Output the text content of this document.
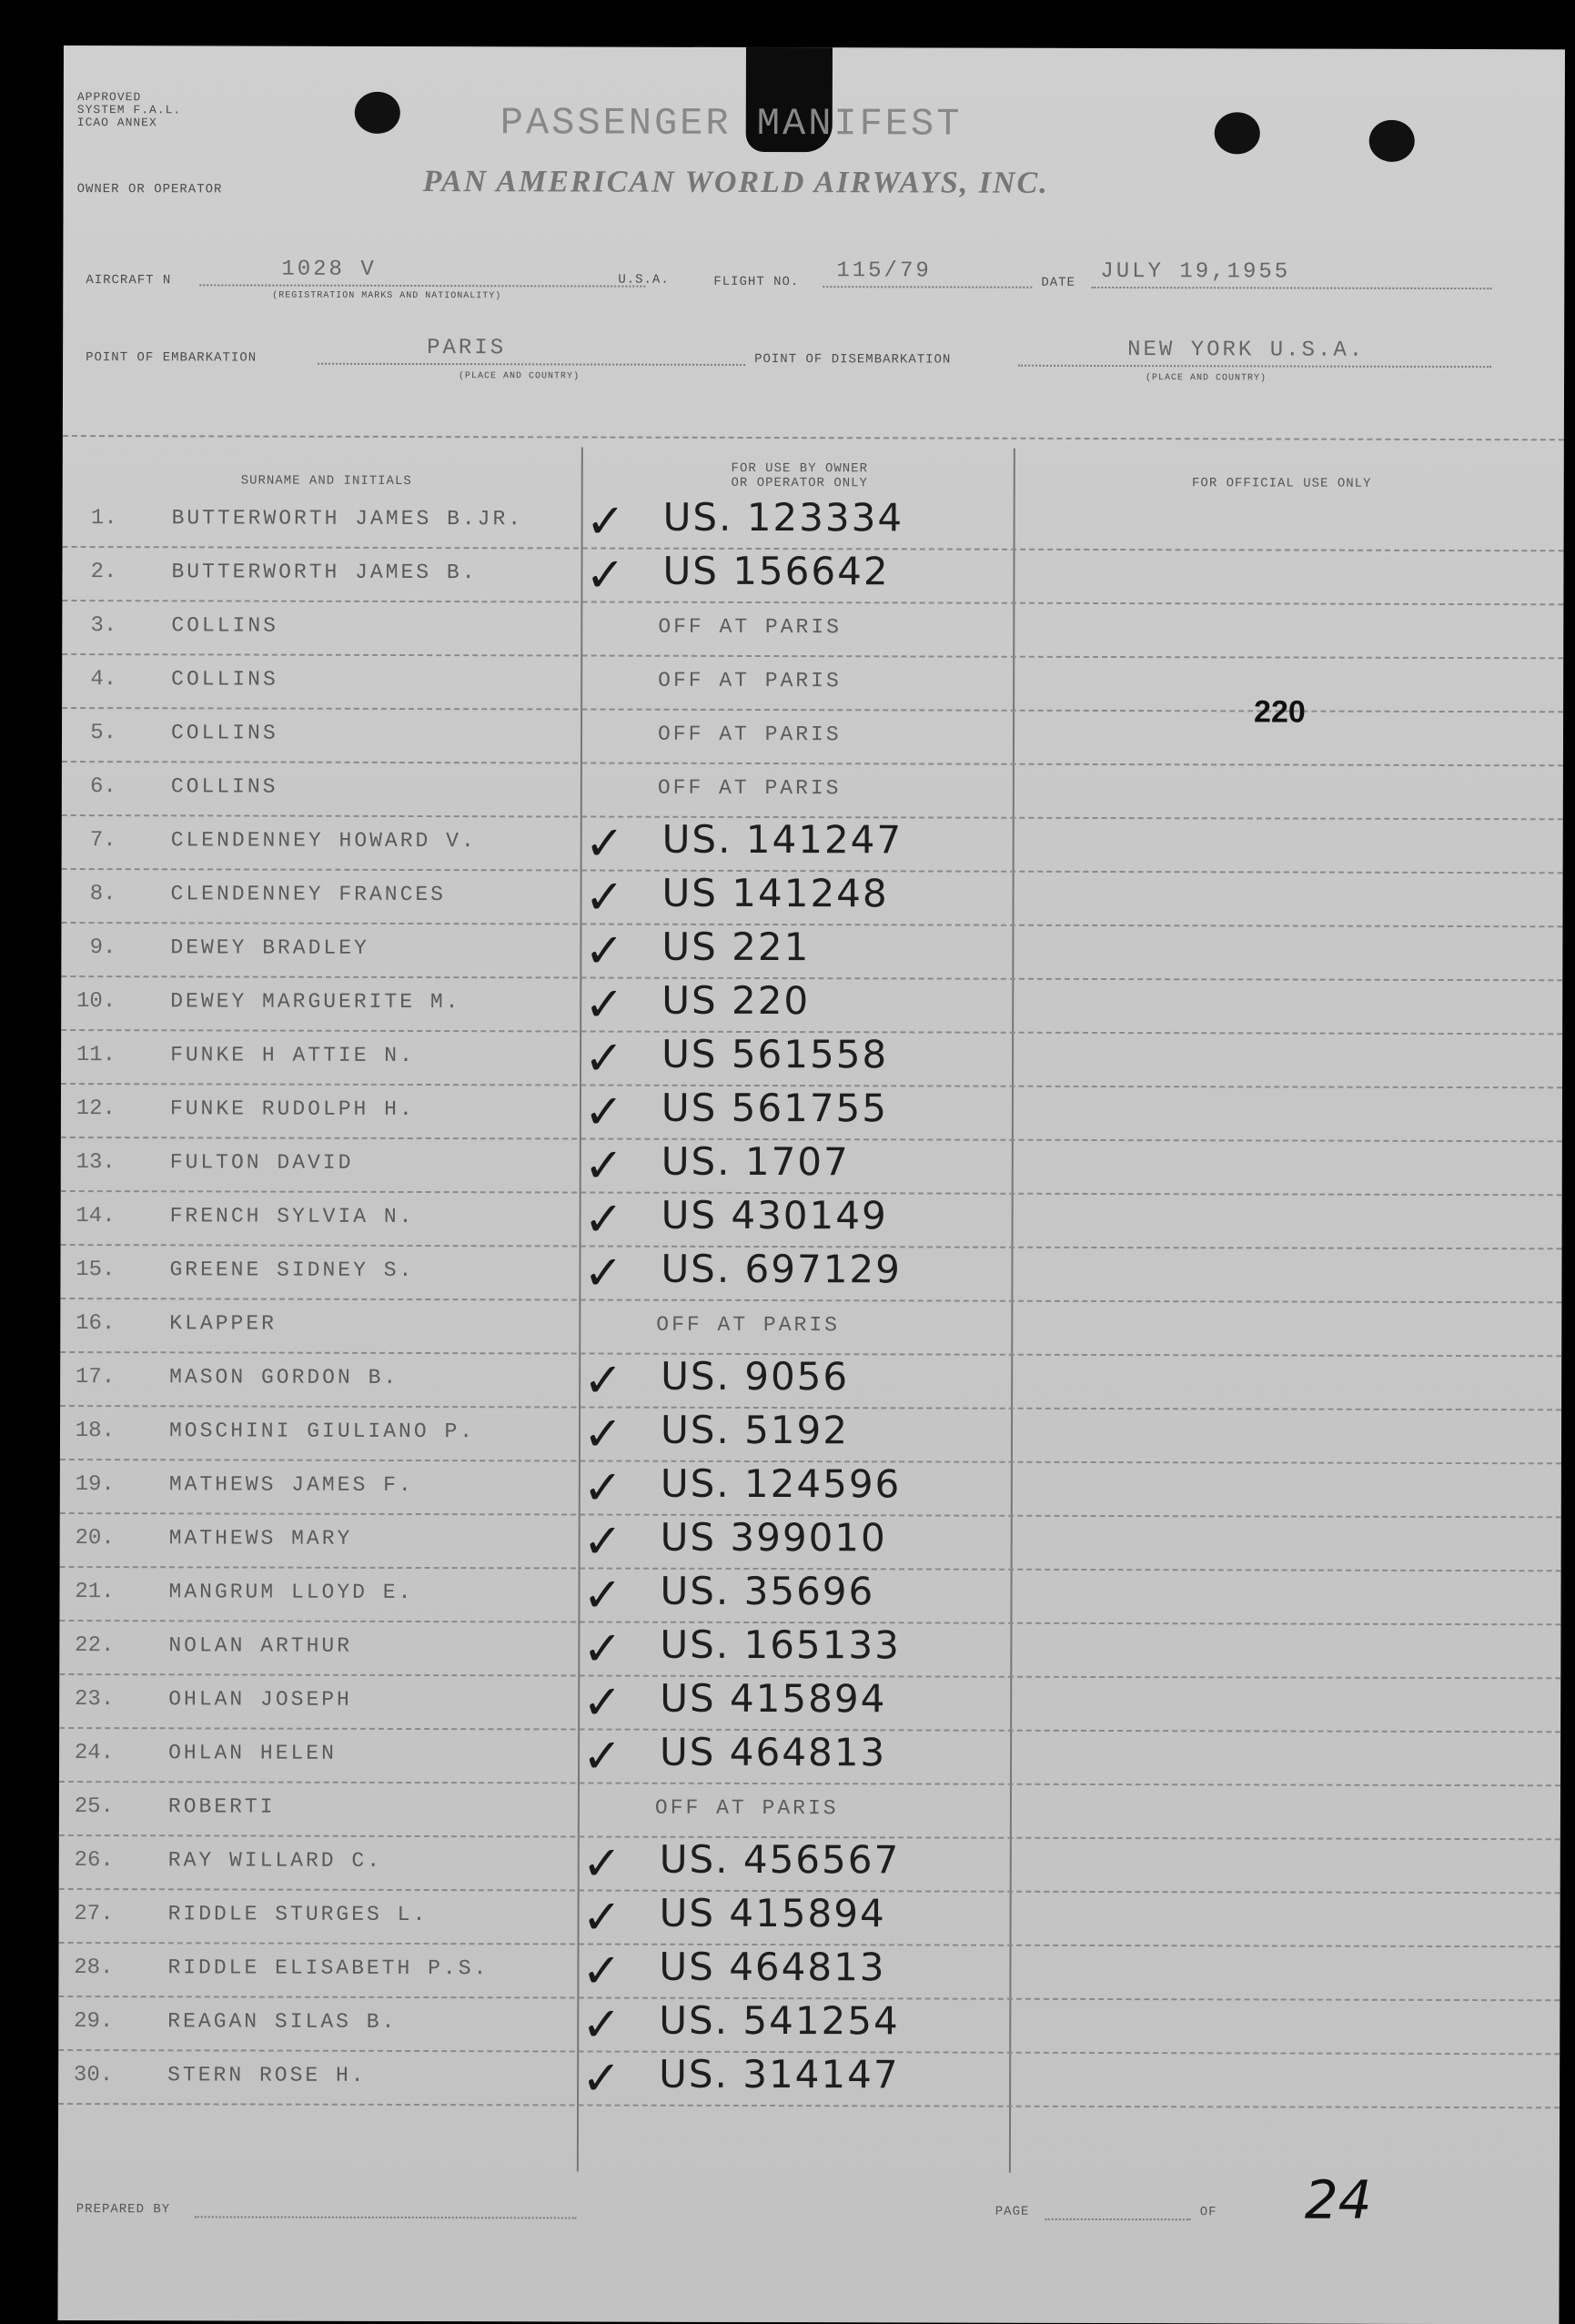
APPROVED
SYSTEM F.A.L.
ICAO ANNEX	PASSENGER MANIFEST
OWNER OR OPERATOR	PAN AMERICAN WORLD AIRWAYS, INC.
AIRCRAFT N	1028 V
(REGISTRATION MARKS AND NATIONALITY)
U.S.A.	FLIGHT NO. 115/79	DATE JULY 19,1955
POINT OF EMBARKATION	PARIS
(PLACE AND COUNTRY)
POINT OF DISEMBARKATION	NEW YORK U.S.A.
(PLACE AND COUNTRY)
SURNAME AND INITIALS
FOR USE BY OWNER
OR OPERATOR ONLY	FOR OFFICIAL USE ONLY
1.	BUTTERWORTH JAMES B.JR. ✓ US. 123334
2.	BUTTERWORTH JAMES B. ✓ US 156642
3.	COLLINS	OFF AT PARIS
4.	COLLINS	OFF AT PARIS
5.	COLLINS	OFF AT PARIS
6.	COLLINS	OFF AT PARIS
7.	CLENDENNEY HOWARD V. ✓ US. 141247
8.	CLENDENNEY FRANCES	✓ US 141248
9.	DEWEY BRADLEY	✓ US 221
10.	DEWEY MARGUERITE M.	✓ US 220
11.	FUNKE H ATTIE N.	✓ US 561558
12.	FUNKE RUDOLPH H.	✓ US 561755
13.	FULTON DAVID	✓ US. 1707
14.	FRENCH SYLVIA N.	✓ US 430149
15.	GREENE SIDNEY S.	✓ US. 697129
16.	KLAPPER	OFF AT PARIS
17.	MASON GORDON B.	✓ US. 9056
18.	MOSCHINI GIULIANO P. ✓ US. 5192
19.	MATHEWS JAMES F.	✓ US. 124596
20.	MATHEWS MARY	✓ US 399010
21.	MANGRUM LLOYD E.	✓ US. 35696
22.	NOLAN ARTHUR	✓ US. 165133
23.	OHLAN JOSEPH	✓ US 415894
24.	OHLAN HELEN	✓ US 464813
25.	ROBERTI	OFF AT PARIS
26.	RAY WILLARD C.	✓ US. 456567
27.	RIDDLE STURGES L.	✓ US 415894
28.	RIDDLE ELISABETH P.S. ✓ US 464813
29.	REAGAN SILAS B.	✓ US. 541254
30.	STERN ROSE H.	✓ US. 314147
220
PREPARED BY	PAGE	OF 24
